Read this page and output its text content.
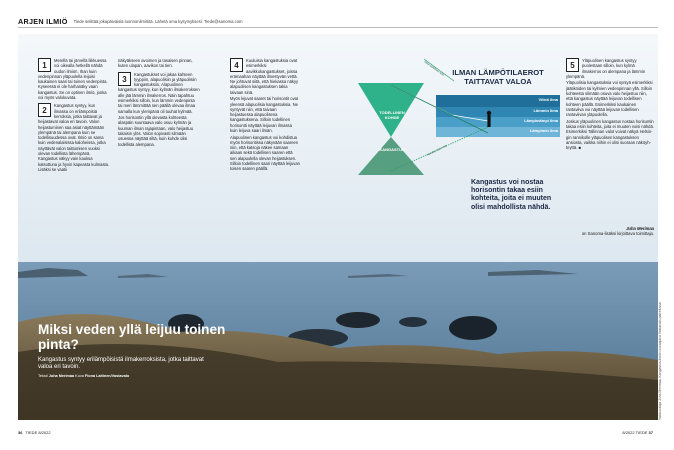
ARJEN ILMIÖ Tiede selittää jokapäiväisiä luonnonilmiöitä. Lähetä oma kysymyksesi: Tiede@sanoma.com

1
Merellä tai järvellä liikkuessa voi oikealla hetkellä nähdä oudon ilmiön. Ihan kuin vedenpinnan yläpuolella leijuisi kaukainen saari tai toinen vedenpinta. Kyseessä ei ole harhanäky vaan kangastus. Se on optinen ilmiö, jonka voi myös valokuvata.

2
Kangastus syntyy, kun ilmassa on erilämpöisiä kerroksia, jotka taittavat ja heijastavat valoa eri tavoin. Valon heijastuminen saa asiat näyttämään ylempänä tai alempana kuin ne todellisuudessa ovat. Ilmiö on sama kuin vedenalaisissa kaloheissa, jotka näyttävät valon taittumisen vuoksi olevan todellista lähempänä. Kangastus näkyy vain kauksa katsottuna ja hyvin kapeasta kulmasta. Lisäksi se vaatii

näkyäkseen avoimen ja tasaisen pinnan, kuten ulapan, aavikon tai tien.

3
Kangastukset voi jakaa kahteen tyyppiin, alapuolisiin ja yläpuolisiin kangastuksiin. Alapuolinen kangastus syntyy, kun kylmän ilmakerroksen alle jää lämmin ilmakerros. Näin tapahtuu esimerkiksi silloin, kun lämmin vedenpinta tai meri lämmittää sen päällä olevaa ilmaa samalla kun ylempänä oli tuuhat kylmää.

Jos horisontin yllä olevasta kohteesta alaspäin suuntaava valo osuu kylmän ja kuuman ilman rajapintaan, valo heijastuu takaisin ylös. Valon sopivasti silmään osuessa näyttää siltä, kuin kohde olisi todellista alempana.

4
Kuuluisia kangastuksia ovat esimerkiksi aavikkokangastukset, joissa erämaahan näyttää ilmestyvän vettä. Ne johtuvat siitä, että hiekassa näkyy alapuolisen kangastuksen takia taivaan sinä.

Myös lejuvat saaret tai horisontit ovat yleensä alapuolisia kangastuksia. Ne syntyvät niin, että taivaan heijastuessa alapuolisena kangastuksena. Silloin todellinen horisontti näyttää leijuvan ilmassa kuin leijuva saari ilmän.

Alapuolinen kangastus voi kohdistua myös horisontissa näkyvään saareen niin, että katsoja näkee samaan aikaan sekä todellisen saaren että sen alapuolella olevan heijastuksen. Silloin todellinen saari näyttää leijuvan toisen saaren päällä.

ILMAN LÄMPÖTILAEROT TAITTAVAT VALOA
TODELLINEN KOHDE
KANGASTUS
Viileä ilma
Lämmin ilma
Lämpimämpi ilma
Lämpimin ilma
Valon todellinen reitti
Havaittu valon reitti
Kangastus voi nostaa horisontin takaa esiin kohteita, joita ei muuten olisi mahdollista nähdä.

5
Yläpuolinen kangastus syntyy puolestaan silloin, kun kylmä ilmakerros on alempana ja lämmin ylempänä.

Yläpuolisia kangastuksia voi syntyä esimerkiksi jäätiköiden tai kylmien vedenpinnan yllä. Silloin kohteesta silmään osuva valo heijastuu niin, että kangastus näyttää leijuvan todellisen kohteen päällä. Esimerkiksi kaukainen rantaviiva voi näyttää leijuvan todellisen rantaviivan yläpuolella.

Joskus yläpuolinen kangastus nostaa horisontin takaa esiin kohteita, joita ei muuten voisi nähdä. Esimerkiksi Tallinnan valot voivat näkyä Helsingin rannikolle yläpuolisen kangastuksen ansiosta, vaikka niihin ei olisi suoraan näköyhteyttä. ■

Juha Merimaa
on Sanoma-lisäksi kirjoittava toimittaja.
Miksi veden yllä leijuu toinen pinta?
Kangastus syntyy erilämpöisistä ilmakerroksista, jotka taittavat valoa eri tavoin.
Teksti Juha Merimaa Kuva Fiona Laitinen/Vastavalo	Valokuvaaja Juha Merimaa, Kangastus-ilmiön kuvaajana Vastavalo-palvelussa
36 TIEDE 8/2022	8/2022 TIEDE 37
